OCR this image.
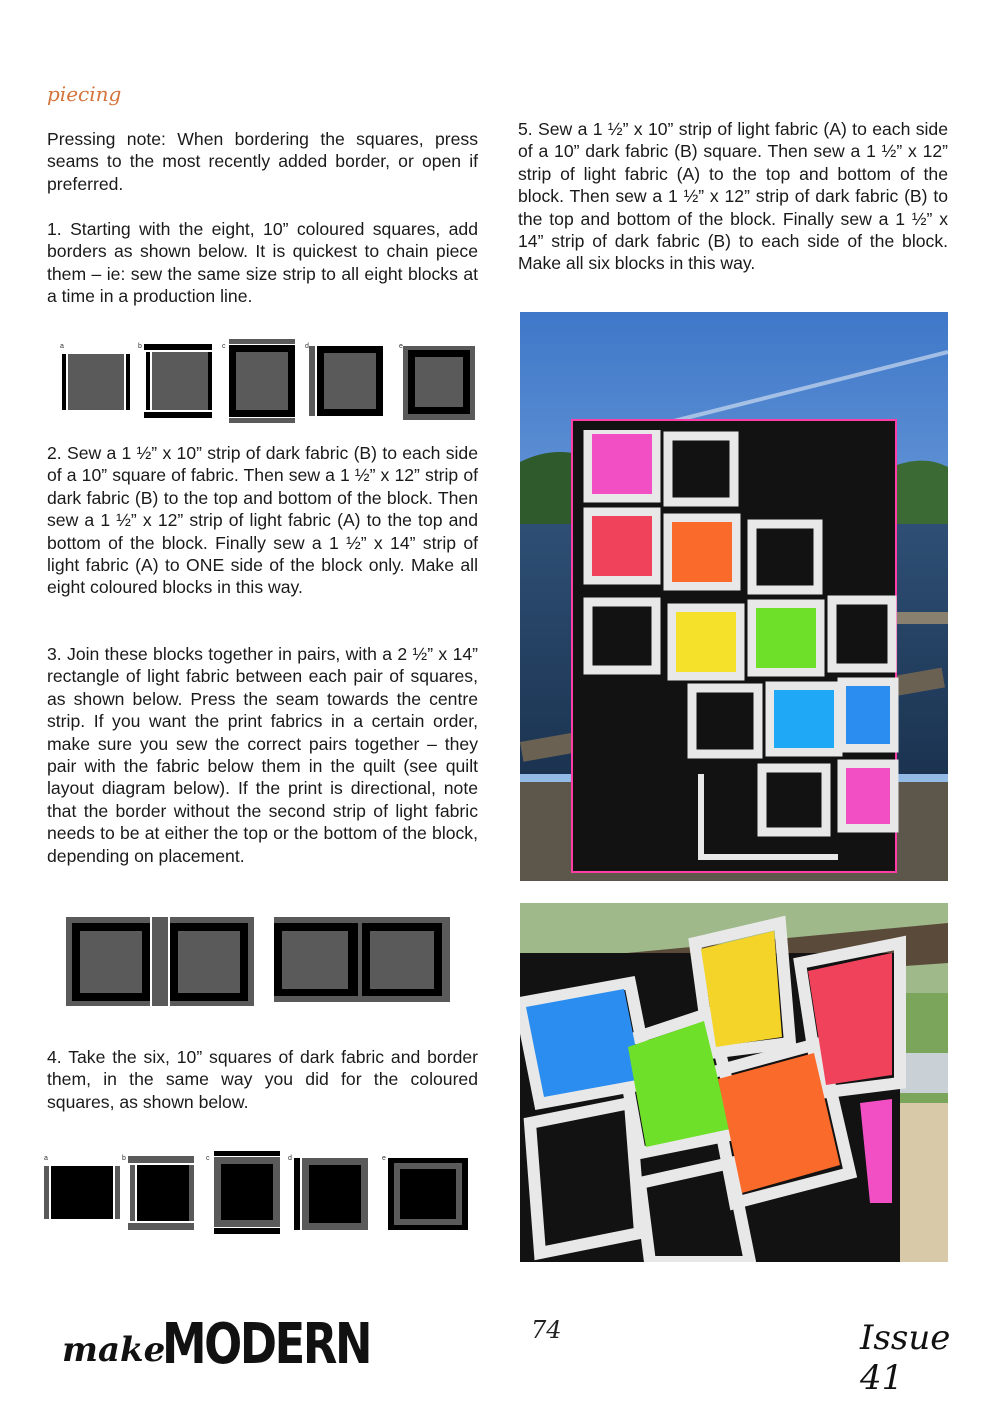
piecing

Pressing note: When bordering the squares, press seams to the most recently added border, or open if preferred.

1. Starting with the eight, 10” coloured squares, add borders as shown below. It is quickest to chain piece them – ie: sew the same size strip to all eight blocks at a time in a production line.

a	b	c	d	e

2. Sew a 1 ½” x 10” strip of dark fabric (B) to each side of a 10” square of fabric. Then sew a 1 ½” x 12” strip of dark fabric (B) to the top and bottom of the block. Then sew a 1 ½” x 12” strip of light fabric (A) to the top and bottom of the block. Finally sew a 1 ½” x 14” strip of light fabric (A) to ONE side of the block only. Make all eight coloured blocks in this way.

3. Join these blocks together in pairs, with a 2 ½” x 14” rectangle of light fabric between each pair of squares, as shown below. Press the seam towards the centre strip. If you want the print fabrics in a certain order, make sure you sew the correct pairs together – they pair with the fabric below them in the quilt (see quilt layout diagram below). If the print is directional, note that the border without the second strip of light fabric needs to be at either the top or the bottom of the block, depending on placement.

4. Take the six, 10” squares of dark fabric and border them, in the same way you did for the coloured squares, as shown below.

a	b	c	d	e

5. Sew a 1 ½” x 10” strip of light fabric (A) to each side of a 10” dark fabric (B) square. Then sew a 1 ½” x 12” strip of light fabric (A) to the top and bottom of the block. Then sew a 1 ½” x 12” strip of dark fabric (B) to the top and bottom of the block. Finally sew a 1 ½” x 14” strip of dark fabric (B) to each side of the block. Make all six blocks in this way.

make
MODERN	74	Issue 41
